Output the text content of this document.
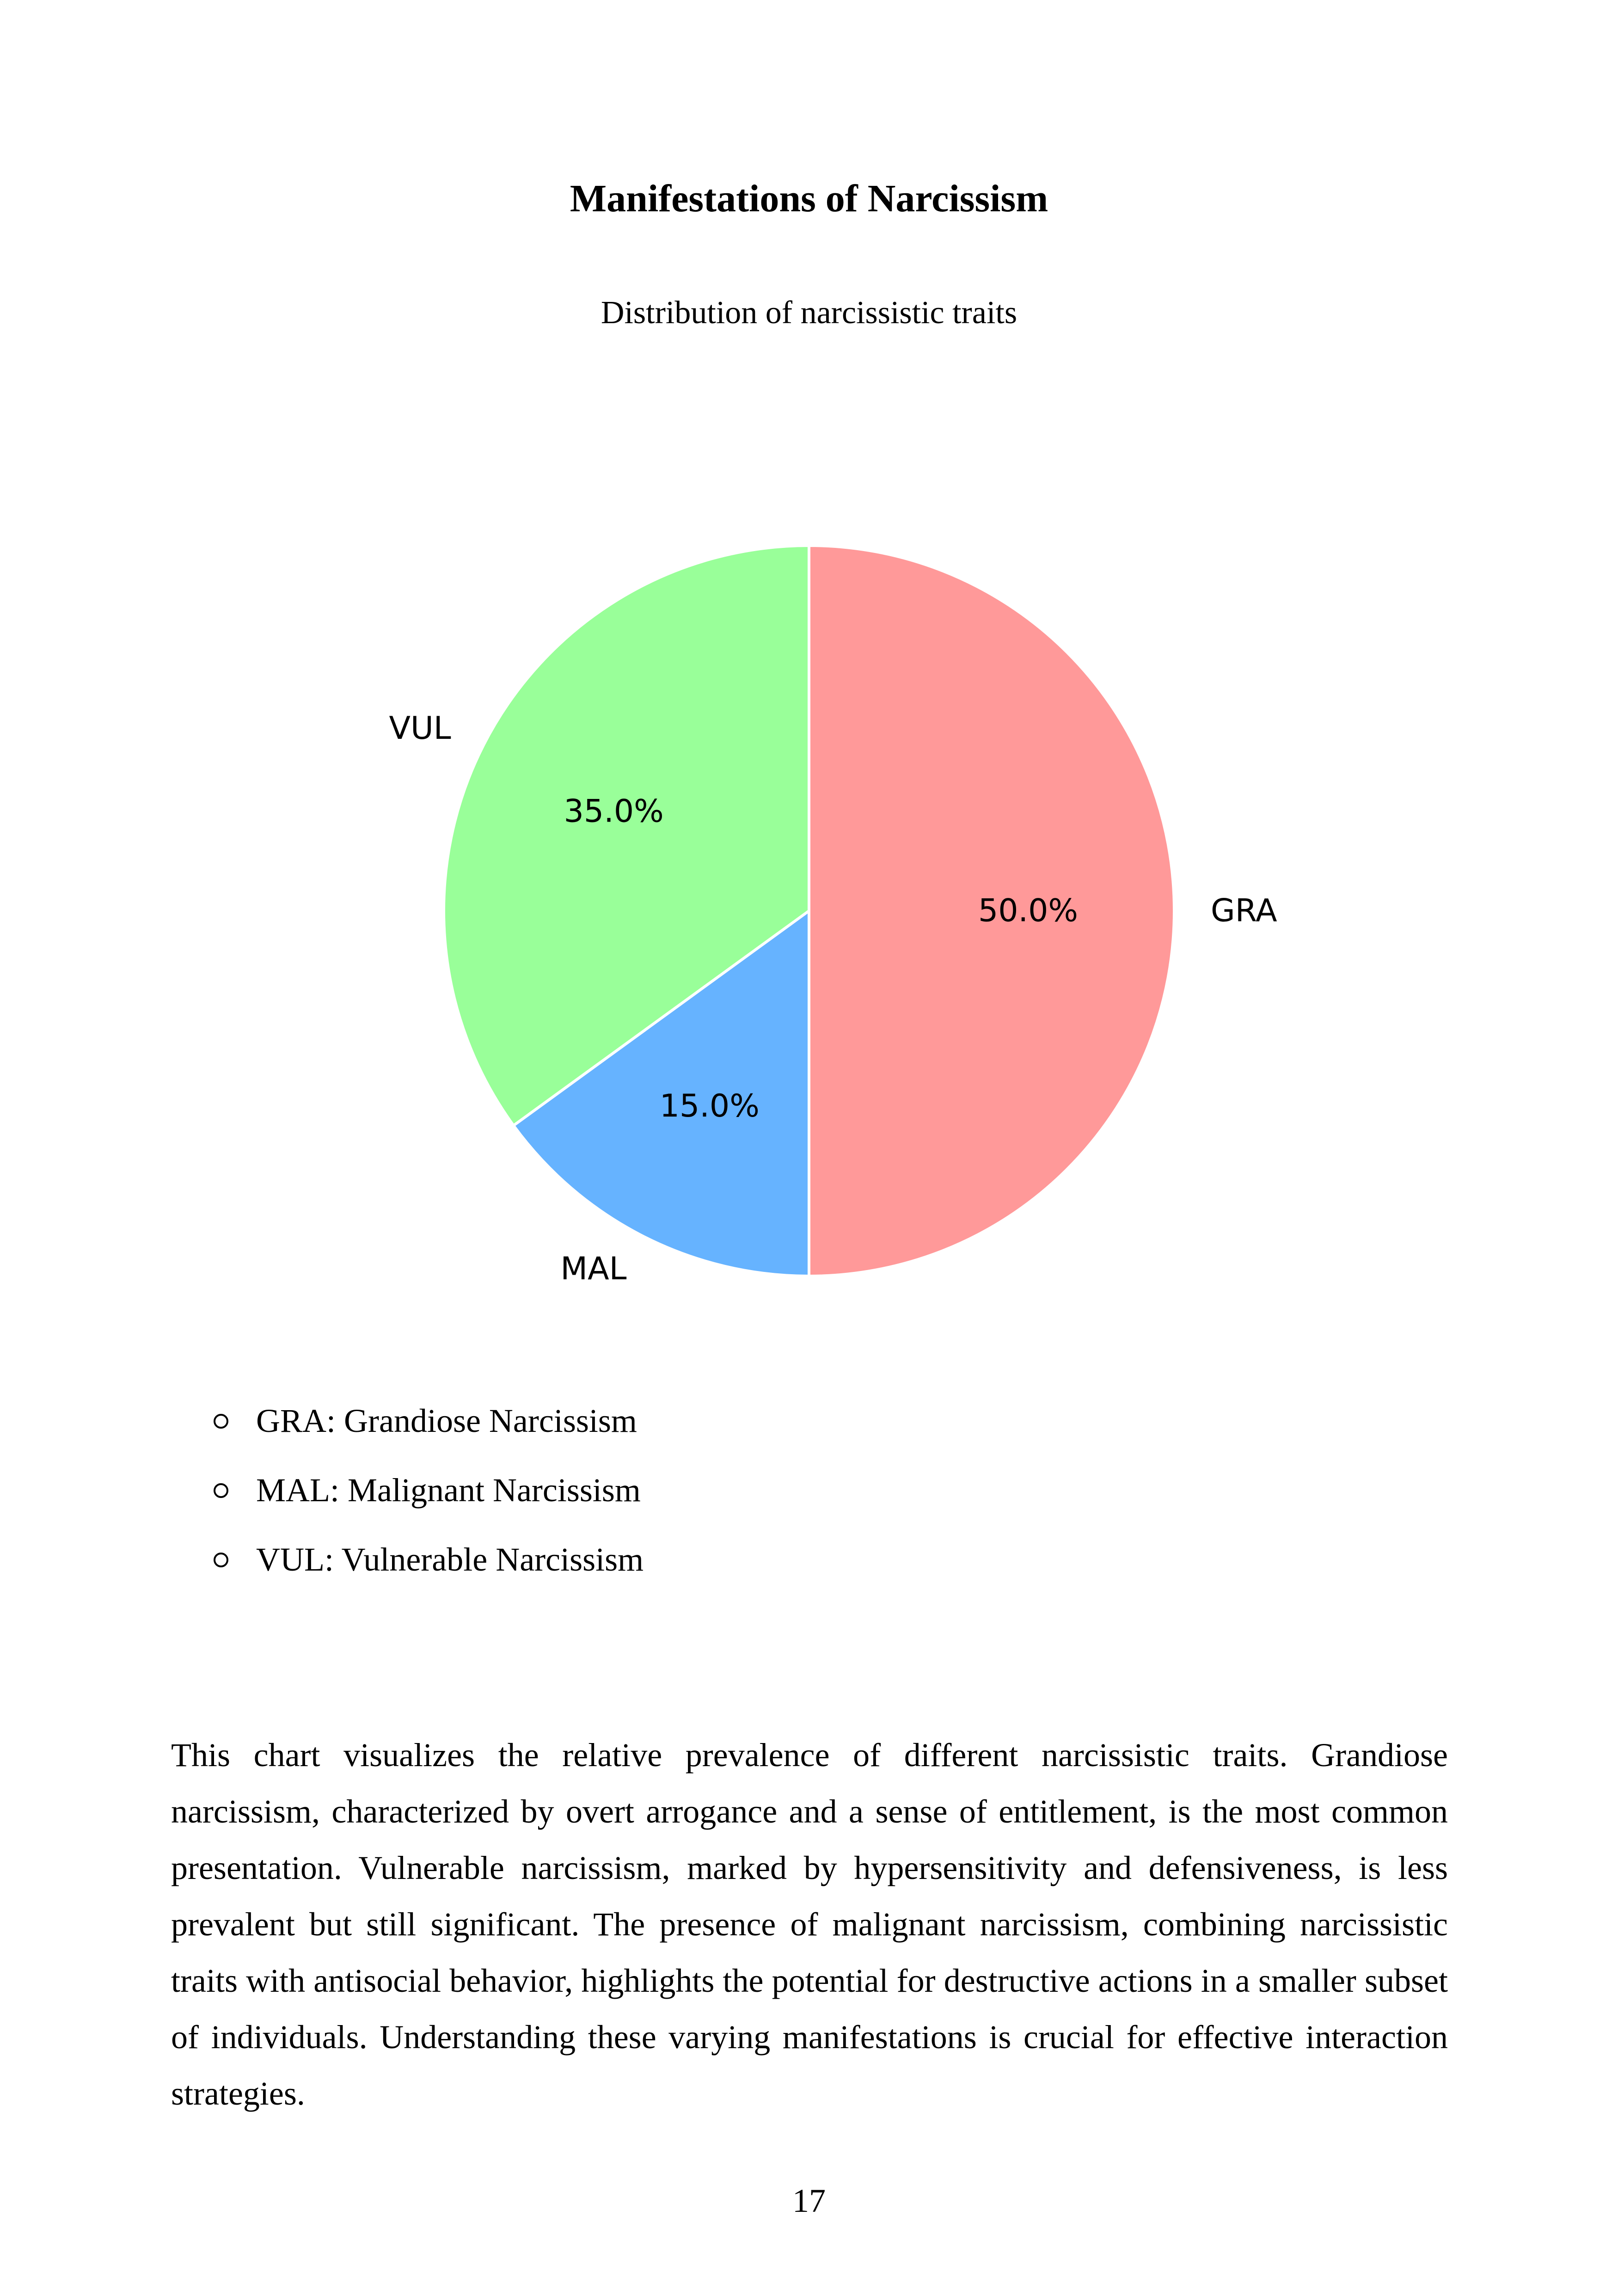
Manifestations of Narcissism
Distribution of narcissistic traits
50.0%	GRA
15.0%
MAL
35.0%
VUL
GRA: Grandiose Narcissism
MAL: Malignant Narcissism
VUL: Vulnerable Narcissism

This chart visualizes the relative prevalence of different narcissistic traits. Grandiose narcissism, characterized by overt arrogance and a sense of entitlement, is the most common presentation. Vulnerable narcissism, marked by hypersensitivity and defensiveness, is less prevalent but still significant. The presence of malignant narcissism, combining narcissistic traits with antisocial behavior, highlights the potential for destructive actions in a smaller subset of individuals. Understanding these varying manifestations is crucial for effective interaction strategies.

17
